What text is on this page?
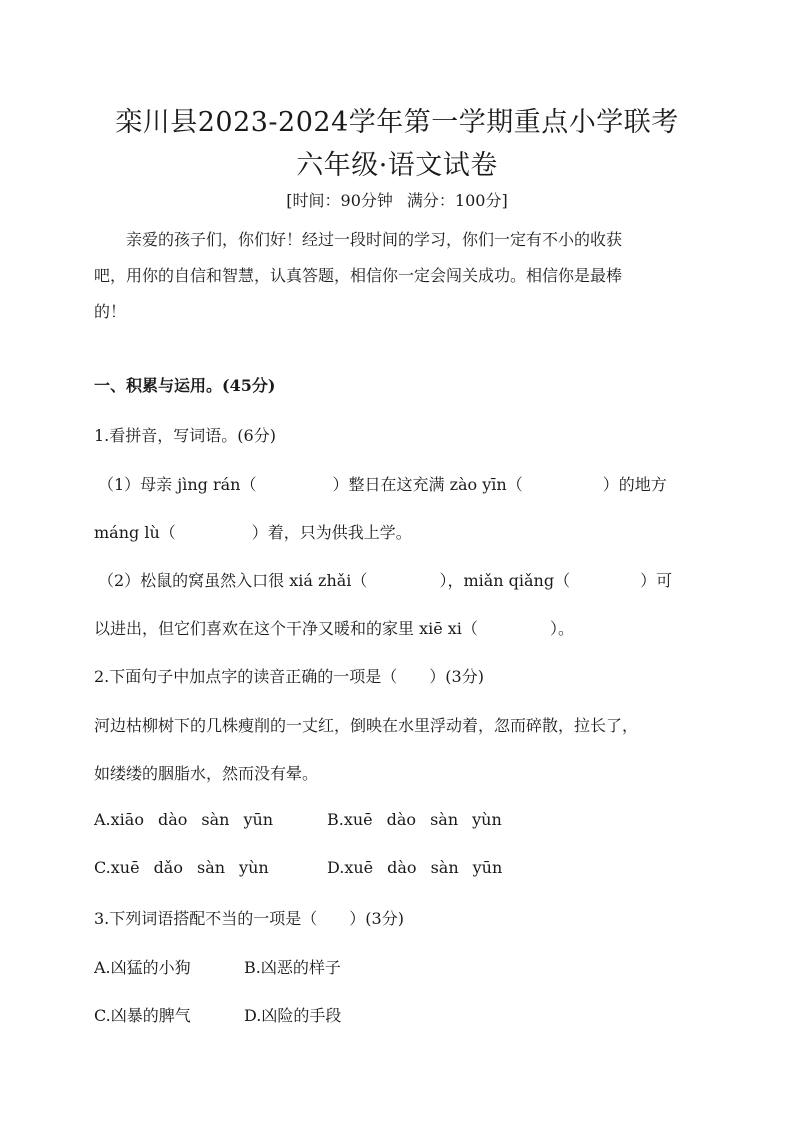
栾川县2023-2024学年第一学期重点小学联考
六年级·语文试卷
[时间：90分钟 满分：100分]
亲爱的孩子们，你们好！经过一段时间的学习，你们一定有不小的收获
吧，用你的自信和智慧，认真答题，相信你一定会闯关成功。相信你是最棒
的！
一、积累与运用。(45分)
1.看拼音，写词语。(6分)
（1）母亲 jìng rán（	）整日在这充满 zào yīn（	）的地方
máng lù（	）着，只为供我上学。
（2）松鼠的窝虽然入口很 xiá zhǎi（	），miǎn qiǎng（	）可
以进出，但它们喜欢在这个干净又暖和的家里 xiē xi（	）。
2.下面句子中加点字的读音正确的一项是（　　）(3分)
河边枯柳树下的几株瘦削的一丈红，倒映在水里浮动着，忽而碎散，拉长了，
如缕缕的胭脂水，然而没有晕。
A.xiāo dào sàn yūn	B.xuē dào sàn yùn
C.xuē dǎo sàn yùn	D.xuē dào sàn yūn
3.下列词语搭配不当的一项是（　　）(3分)
A.凶猛的小狗	B.凶恶的样子
C.凶暴的脾气	D.凶险的手段
